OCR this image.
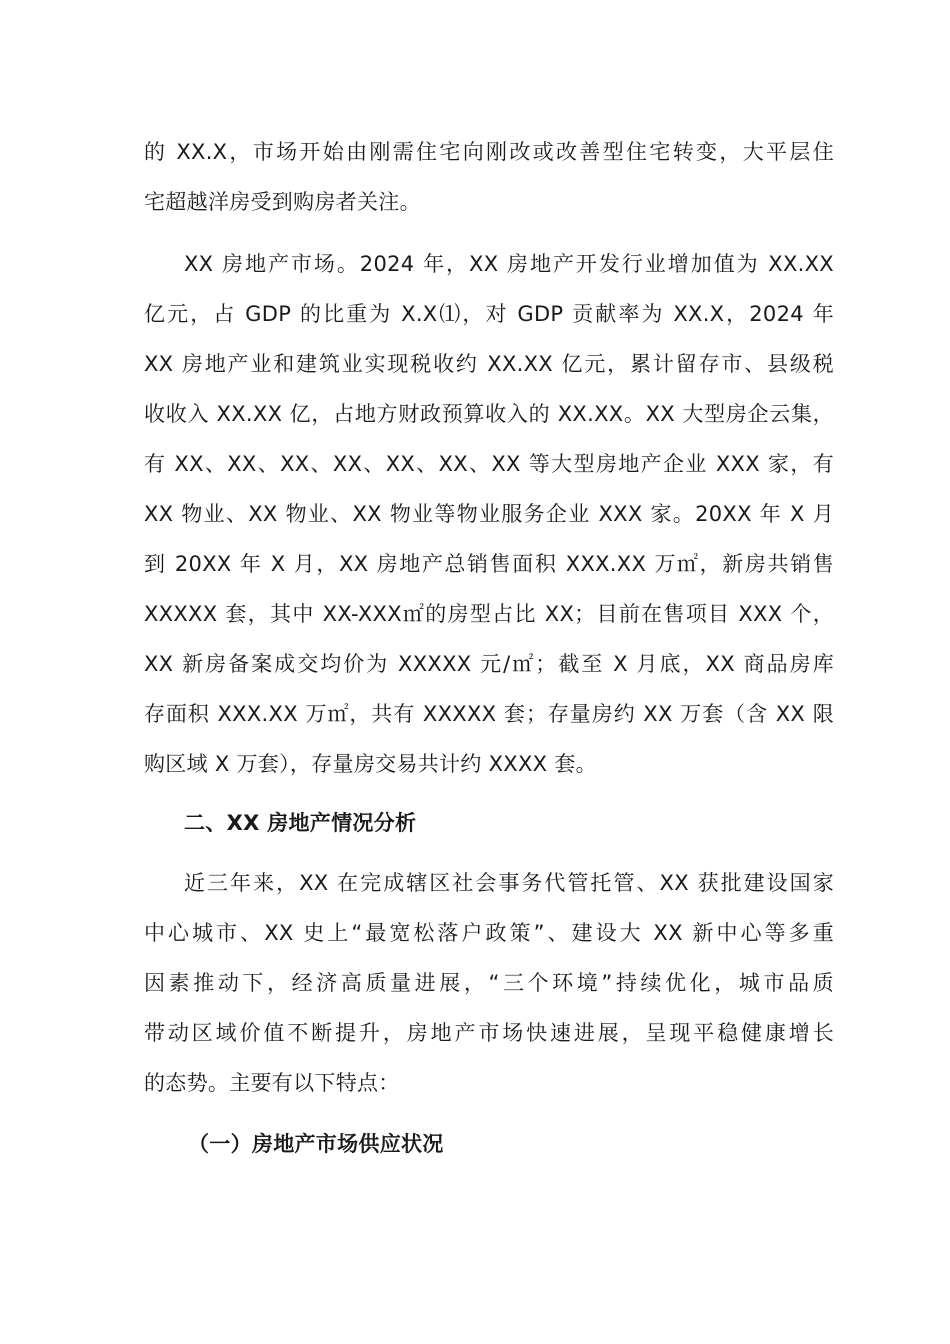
的 XX.X，市场开始由刚需住宅向刚改或改善型住宅转变，大平层住
宅超越洋房受到购房者关注。
XX 房地产市场。2024 年，XX 房地产开发行业增加值为 XX.XX
亿元，占 GDP 的比重为 X.X⑴，对 GDP 贡献率为 XX.X，2024 年
XX 房地产业和建筑业实现税收约 XX.XX 亿元，累计留存市、县级税
收收入 XX.XX 亿，占地方财政预算收入的 XX.XX。XX 大型房企云集，
有 XX、XX、XX、XX、XX、XX、XX 等大型房地产企业 XXX 家，有
XX 物业、XX 物业、XX 物业等物业服务企业 XXX 家。20XX 年 X 月
到 20XX 年 X 月，XX 房地产总销售面积 XXX.XX 万㎡，新房共销售
XXXXX 套，其中 XX-XXX㎡的房型占比 XX；目前在售项目 XXX 个，
XX 新房备案成交均价为 XXXXX 元/㎡；截至 X 月底，XX 商品房库
存面积 XXX.XX 万㎡，共有 XXXXX 套；存量房约 XX 万套（含 XX 限
购区域 X 万套），存量房交易共计约 XXXX 套。
二、XX 房地产情况分析
近三年来，XX 在完成辖区社会事务代管托管、XX 获批建设国家
中心城市、XX 史上“最宽松落户政策”、建设大 XX 新中心等多重
因素推动下，经济高质量进展，“三个环境”持续优化，城市品质
带动区域价值不断提升，房地产市场快速进展，呈现平稳健康增长
的态势。主要有以下特点：
（一）房地产市场供应状况
